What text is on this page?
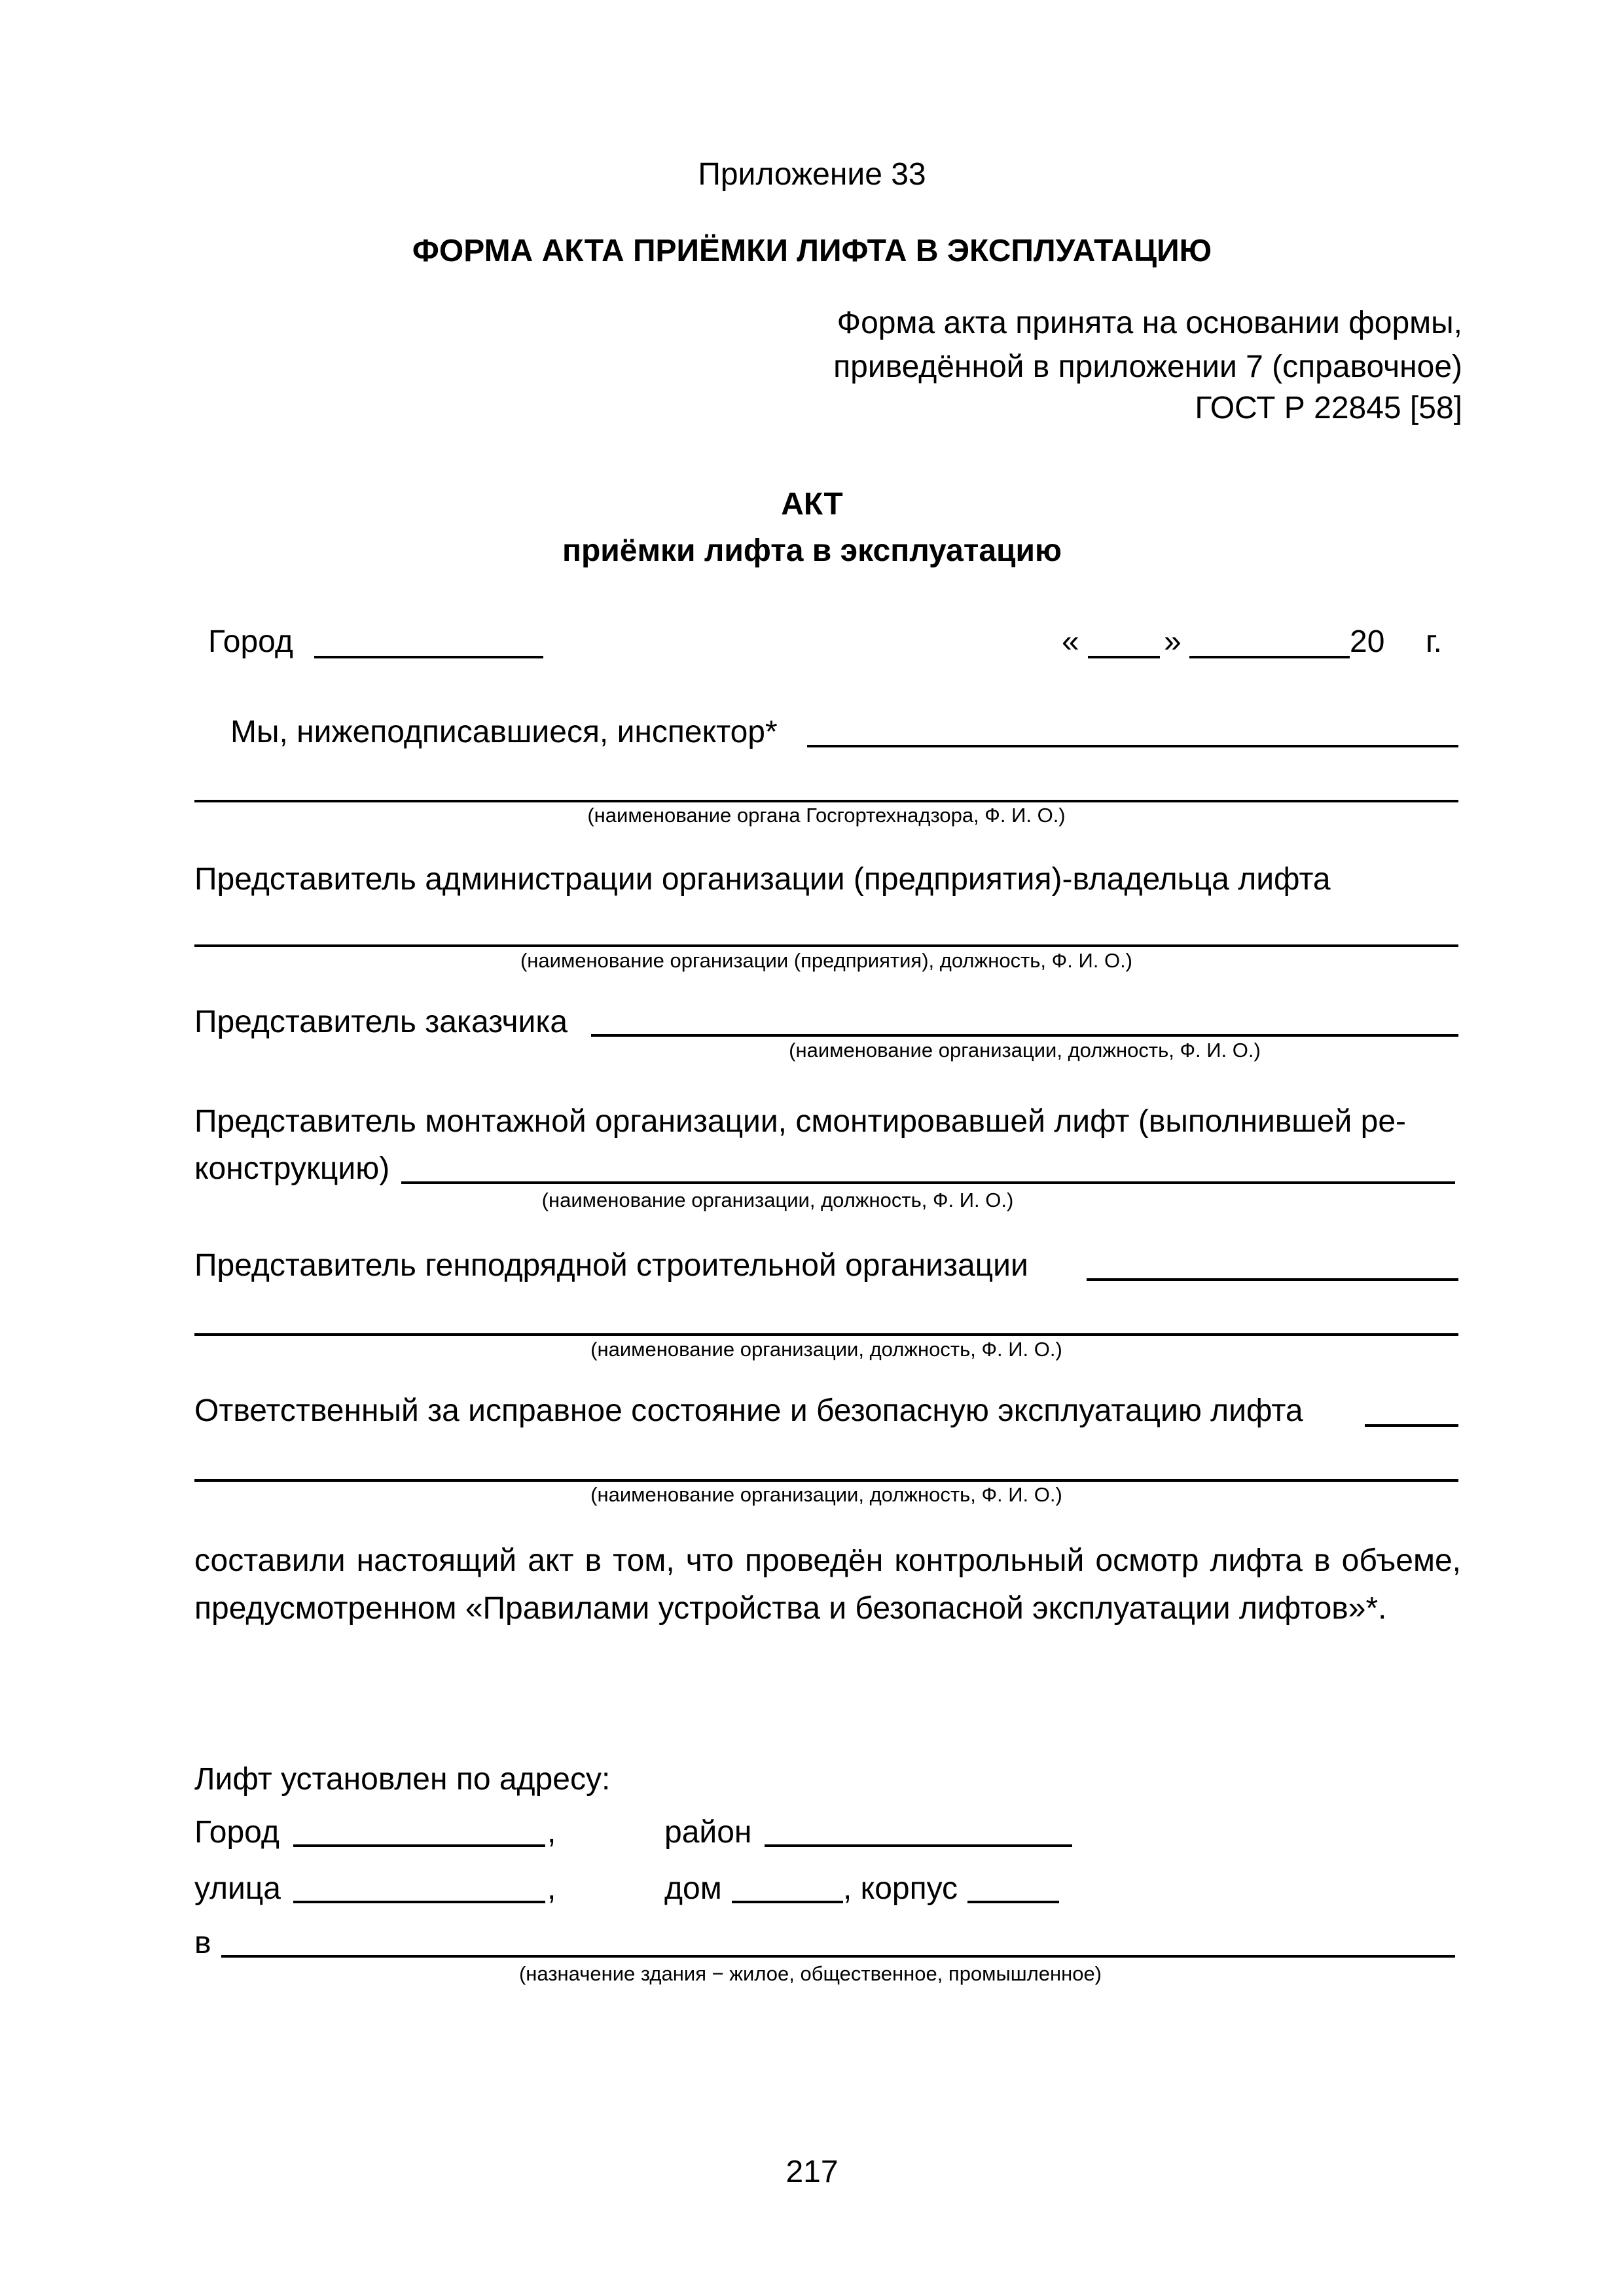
Приложение 33
ФОРМА АКТА ПРИЁМКИ ЛИФТА В ЭКСПЛУАТАЦИЮ
Форма акта принята на основании формы,
приведённой в приложении 7 (справочное)
ГОСТ Р 22845 [58]
АКТ
приёмки лифта в эксплуатацию
Город	«	»	20 г.
Мы, нижеподписавшиеся, инспектор*
(наименование органа Госгортехнадзора, Ф. И. О.)
Представитель администрации организации (предприятия)-владельца лифта
(наименование организации (предприятия), должность, Ф. И. О.)
Представитель заказчика
(наименование организации, должность, Ф. И. О.)
Представитель монтажной организации, смонтировавшей лифт (выполнившей ре-
конструкцию)
(наименование организации, должность, Ф. И. О.)
Представитель генподрядной строительной организации
(наименование организации, должность, Ф. И. О.)
Ответственный за исправное состояние и безопасную эксплуатацию лифта
(наименование организации, должность, Ф. И. О.)
составили настоящий акт в том, что проведён контрольный осмотр лифта в объеме, предусмотренном «Правилами устройства и безопасной эксплуатации лифтов»*.
Лифт установлен по адресу:
Город	,	район
улица	,	дом	, корпус
в
(назначение здания − жилое, общественное, промышленное)
217
